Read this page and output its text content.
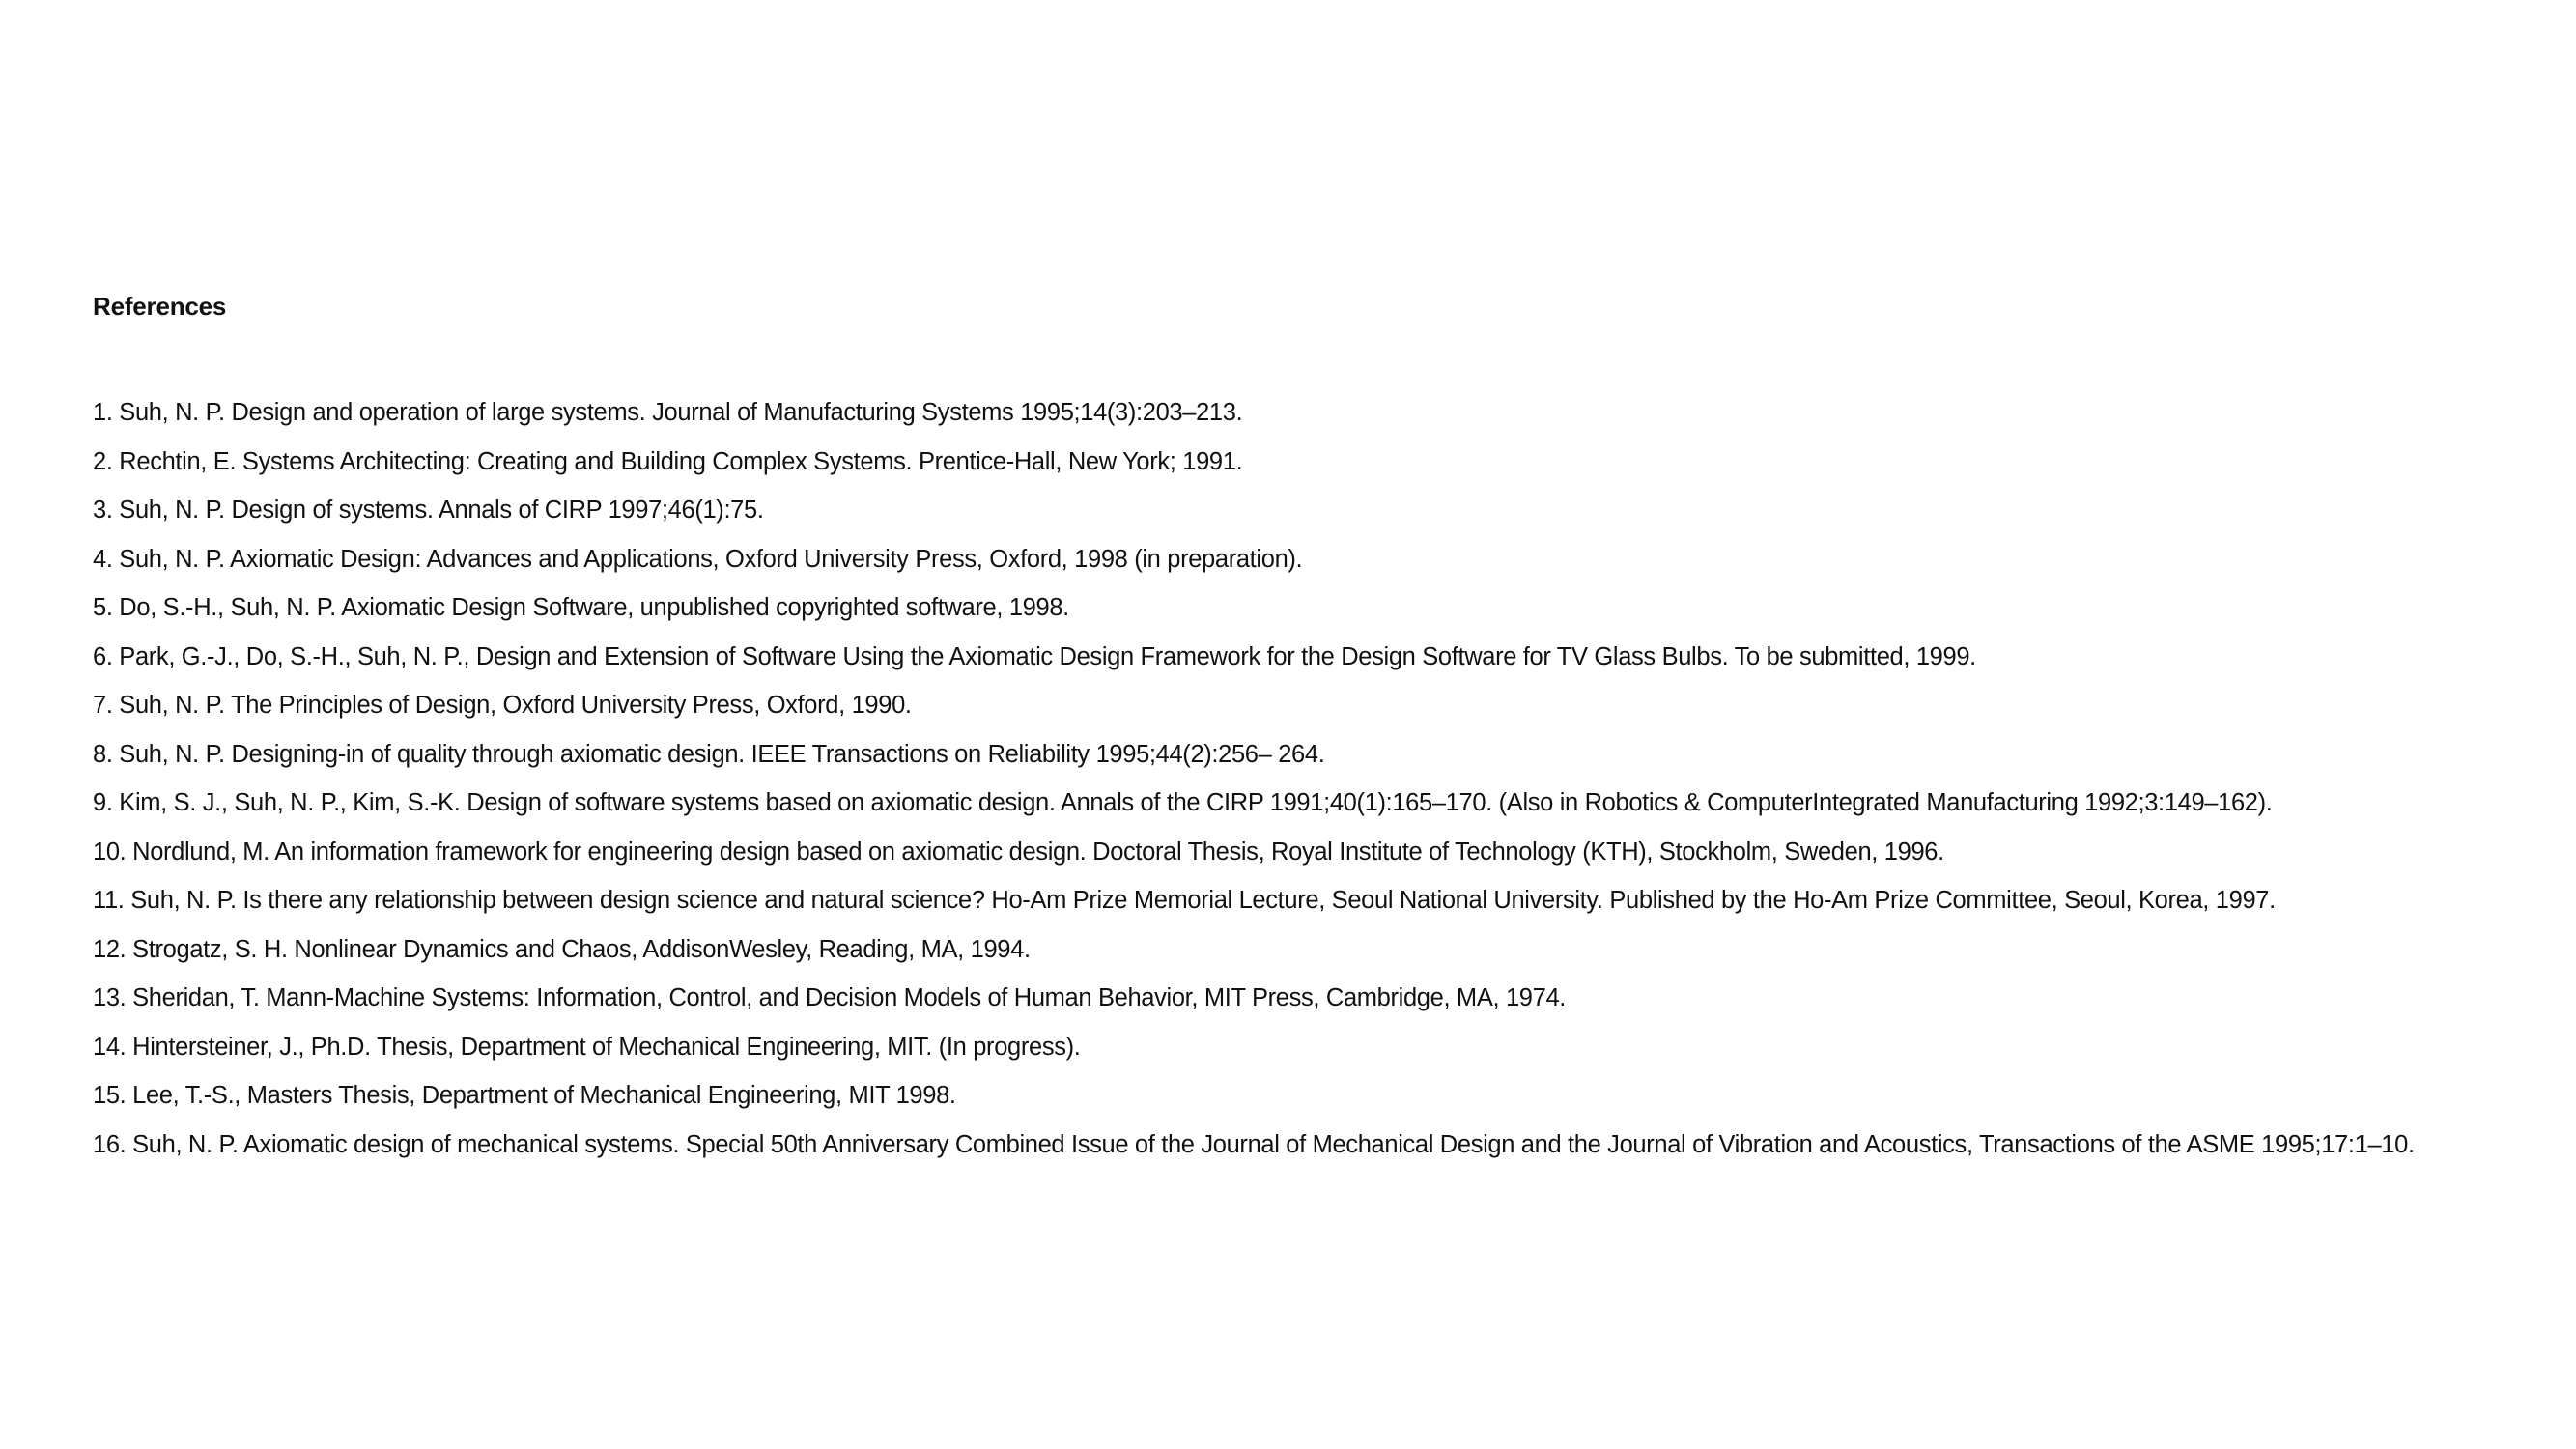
References
1. Suh, N. P. Design and operation of large systems. Journal of Manufacturing Systems 1995;14(3):203–213.
2. Rechtin, E. Systems Architecting: Creating and Building Complex Systems. Prentice-Hall, New York; 1991.
3. Suh, N. P. Design of systems. Annals of CIRP 1997;46(1):75.
4. Suh, N. P. Axiomatic Design: Advances and Applications, Oxford University Press, Oxford, 1998 (in preparation).
5. Do, S.-H., Suh, N. P. Axiomatic Design Software, unpublished copyrighted software, 1998.
6. Park, G.-J., Do, S.-H., Suh, N. P., Design and Extension of Software Using the Axiomatic Design Framework for the Design Software for TV Glass Bulbs. To be submitted, 1999.
7. Suh, N. P. The Principles of Design, Oxford University Press, Oxford, 1990.
8. Suh, N. P. Designing-in of quality through axiomatic design. IEEE Transactions on Reliability 1995;44(2):256– 264.
9. Kim, S. J., Suh, N. P., Kim, S.-K. Design of software systems based on axiomatic design. Annals of the CIRP 1991;40(1):165–170. (Also in Robotics & ComputerIntegrated Manufacturing 1992;3:149–162).
10. Nordlund, M. An information framework for engineering design based on axiomatic design. Doctoral Thesis, Royal Institute of Technology (KTH), Stockholm, Sweden, 1996.
11. Suh, N. P. Is there any relationship between design science and natural science? Ho-Am Prize Memorial Lecture, Seoul National University. Published by the Ho-Am Prize Committee, Seoul, Korea, 1997.
12. Strogatz, S. H. Nonlinear Dynamics and Chaos, AddisonWesley, Reading, MA, 1994.
13. Sheridan, T. Mann-Machine Systems: Information, Control, and Decision Models of Human Behavior, MIT Press, Cambridge, MA, 1974.
14. Hintersteiner, J., Ph.D. Thesis, Department of Mechanical Engineering, MIT. (In progress).
15. Lee, T.-S., Masters Thesis, Department of Mechanical Engineering, MIT 1998.
16. Suh, N. P. Axiomatic design of mechanical systems. Special 50th Anniversary Combined Issue of the Journal of Mechanical Design and the Journal of Vibration and Acoustics, Transactions of the ASME 1995;17:1–10.
